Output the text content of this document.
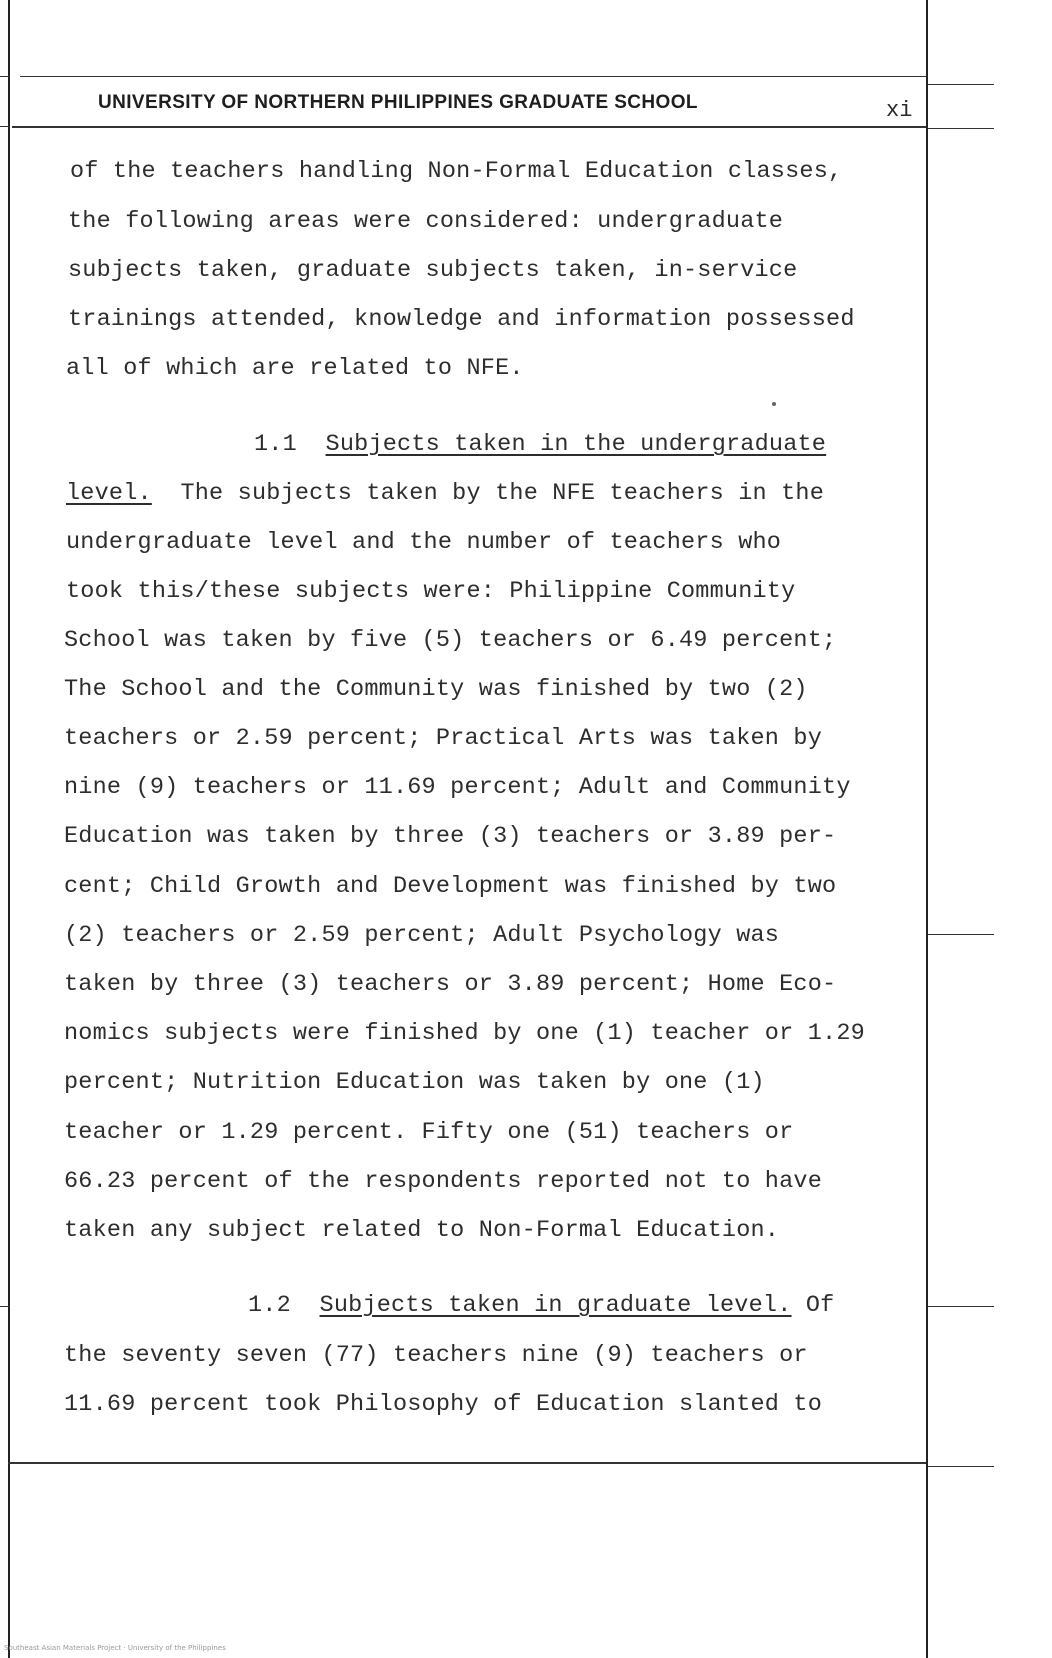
UNIVERSITY OF NORTHERN PHILIPPINES GRADUATE SCHOOL	xi
of the teachers handling Non-Formal Education classes,
the following areas were considered: undergraduate
subjects taken, graduate subjects taken, in-service
trainings attended, knowledge and information possessed
all of which are related to NFE.
1.1 Subjects taken in the undergraduate
level. The subjects taken by the NFE teachers in the
undergraduate level and the number of teachers who
took this/these subjects were: Philippine Community
School was taken by five (5) teachers or 6.49 percent;
The School and the Community was finished by two (2)
teachers or 2.59 percent; Practical Arts was taken by
nine (9) teachers or 11.69 percent; Adult and Community
Education was taken by three (3) teachers or 3.89 per-
cent; Child Growth and Development was finished by two
(2) teachers or 2.59 percent; Adult Psychology was
taken by three (3) teachers or 3.89 percent; Home Eco-
nomics subjects were finished by one (1) teacher or 1.29
percent; Nutrition Education was taken by one (1)
teacher or 1.29 percent. Fifty one (51) teachers or
66.23 percent of the respondents reported not to have
taken any subject related to Non-Formal Education.
1.2 Subjects taken in graduate level. Of
the seventy seven (77) teachers nine (9) teachers or
11.69 percent took Philosophy of Education slanted to
Southeast Asian Materials Project · University of the Philippines
